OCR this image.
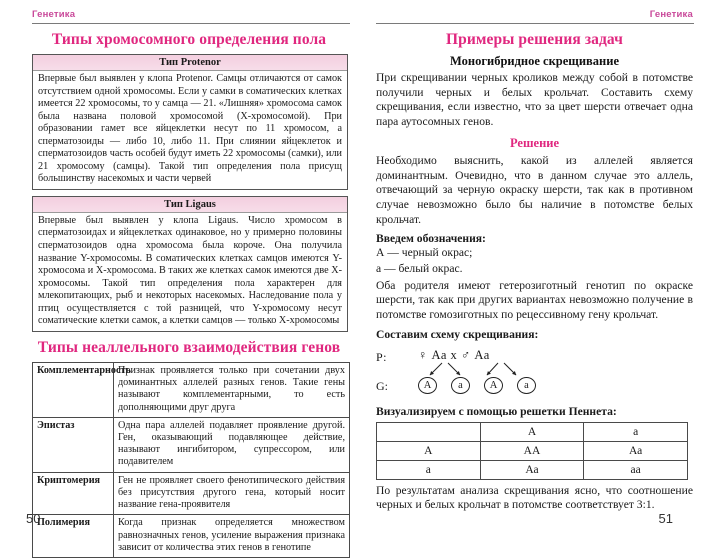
Генетика
Типы хромосомного определения пола
Тип Protenor
Впервые был выявлен у клопа Protenor. Самцы отличаются от самок отсутствием одной хромосомы. Если у самки в соматических клетках имеется 22 хромосомы, то у самца — 21. «Лишняя» хромосома самок была названа половой хромосомой (Х-хромосомой). При образовании гамет все яйцеклетки несут по 11 хромосом, а сперматозоиды — либо 10, либо 11. При слиянии яйцеклеток и сперматозоидов часть особей будут иметь 22 хромосомы (самки), или 21 хромосому (самцы). Такой тип определения пола присущ большинству насекомых и части червей
Тип Ligaus
Впервые был выявлен у клопа Ligaus. Число хромосом в сперматозоидах и яйцеклетках одинаковое, но у примерно половины сперматозоидов одна хромосома была короче. Она получила название Y-хромосомы. В соматических клетках самцов имеются Y-хромосома и Х-хромосома. В таких же клетках самок имеются две Х-хромосомы. Такой тип определения пола характерен для млекопитающих, рыб и некоторых насекомых. Наследование пола у птиц осуществляется с той разницей, что Y-хромосому несут соматические клетки самок, а клетки самцов — только Х-хромосомы
Типы неаллельного взаимодействия генов
Комплементарность	Признак проявляется только при сочетании двух доминантных аллелей разных генов. Такие гены называют комплементарными, то есть дополняющими друг друга
Эпистаз	Одна пара аллелей подавляет проявление другой. Ген, оказывающий подавляющее действие, называют ингибитором, супрессором, или подавителем
Криптомерия	Ген не проявляет своего фенотипического действия без присутствия другого гена, который носит название гена-проявителя
Полимерия	Когда признак определяется множеством равнозначных генов, усиление выражения признака зависит от количества этих генов в генотипе
50
Генетика
Примеры решения задач
Моногибридное скрещивание

При скрещивании черных кроликов между собой в потомстве получили черных и белых крольчат. Составить схему скрещивания, если известно, что за цвет шерсти отвечает одна пара аутосомных генов.

Решение

Необходимо выяснить, какой из аллелей является доминантным. Очевидно, что в данном случае это аллель, отвечающий за черную окраску шерсти, так как в противном случае невозможно было бы наличие в потомстве белых крольчат.

Введем обозначения:
А — черный окрас;
а — белый окрас.

Оба родителя имеют гетерозиготный генотип по окраске шерсти, так как при других вариантах невозможно получение в потомстве гомозиготных по рецессивному гену крольчат.

Составим схему скрещивания:
Р:
G:
♀ Аа х ♂ Аа
А	а	А	а
Визуализируем с помощью решетки Пеннета:
	А	а
А	АА	Аа
а	Аа	аа

По результатам анализа скрещивания ясно, что соотношение черных и белых крольчат в потомстве соответствует 3:1.

51
